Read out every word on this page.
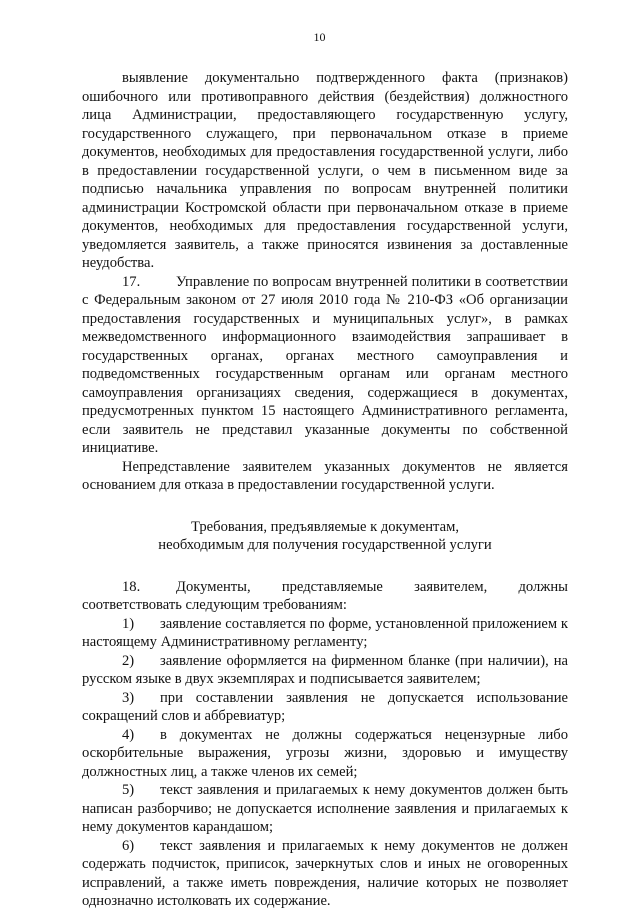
10

выявление документально подтвержденного факта (признаков) ошибочного или противоправного действия (бездействия) должностного лица Администрации, предоставляющего государственную услугу, государственного служащего, при первоначальном отказе в приеме документов, необходимых для предоставления государственной услуги, либо в предоставлении государственной услуги, о чем в письменном виде за подписью начальника управления по вопросам внутренней политики администрации Костромской области при первоначальном отказе в приеме документов, необходимых для предоставления государственной услуги, уведомляется заявитель, а также приносятся извинения за доставленные неудобства.

17. Управление по вопросам внутренней политики в соответствии с Федеральным законом от 27 июля 2010 года № 210-ФЗ «Об организации предоставления государственных и муниципальных услуг», в рамках межведомственного информационного взаимодействия запрашивает в государственных органах, органах местного самоуправления и подведомственных государственным органам или органам местного самоуправления организациях сведения, содержащиеся в документах, предусмотренных пунктом 15 настоящего Административного регламента, если заявитель не представил указанные документы по собственной инициативе.

Непредставление заявителем указанных документов не является основанием для отказа в предоставлении государственной услуги.

Требования, предъявляемые к документам,
необходимым для получения государственной услуги

18. Документы, представляемые заявителем, должны соответствовать следующим требованиям:

1) заявление составляется по форме, установленной приложением к настоящему Административному регламенту;

2) заявление оформляется на фирменном бланке (при наличии), на русском языке в двух экземплярах и подписывается заявителем;

3) при составлении заявления не допускается использование сокращений слов и аббревиатур;

4) в документах не должны содержаться нецензурные либо оскорбительные выражения, угрозы жизни, здоровью и имуществу должностных лиц, а также членов их семей;

5) текст заявления и прилагаемых к нему документов должен быть написан разборчиво; не допускается исполнение заявления и прилагаемых к нему документов карандашом;

6) текст заявления и прилагаемых к нему документов не должен содержать подчисток, приписок, зачеркнутых слов и иных не оговоренных исправлений, а также иметь повреждения, наличие которых не позволяет однозначно истолковать их содержание.
